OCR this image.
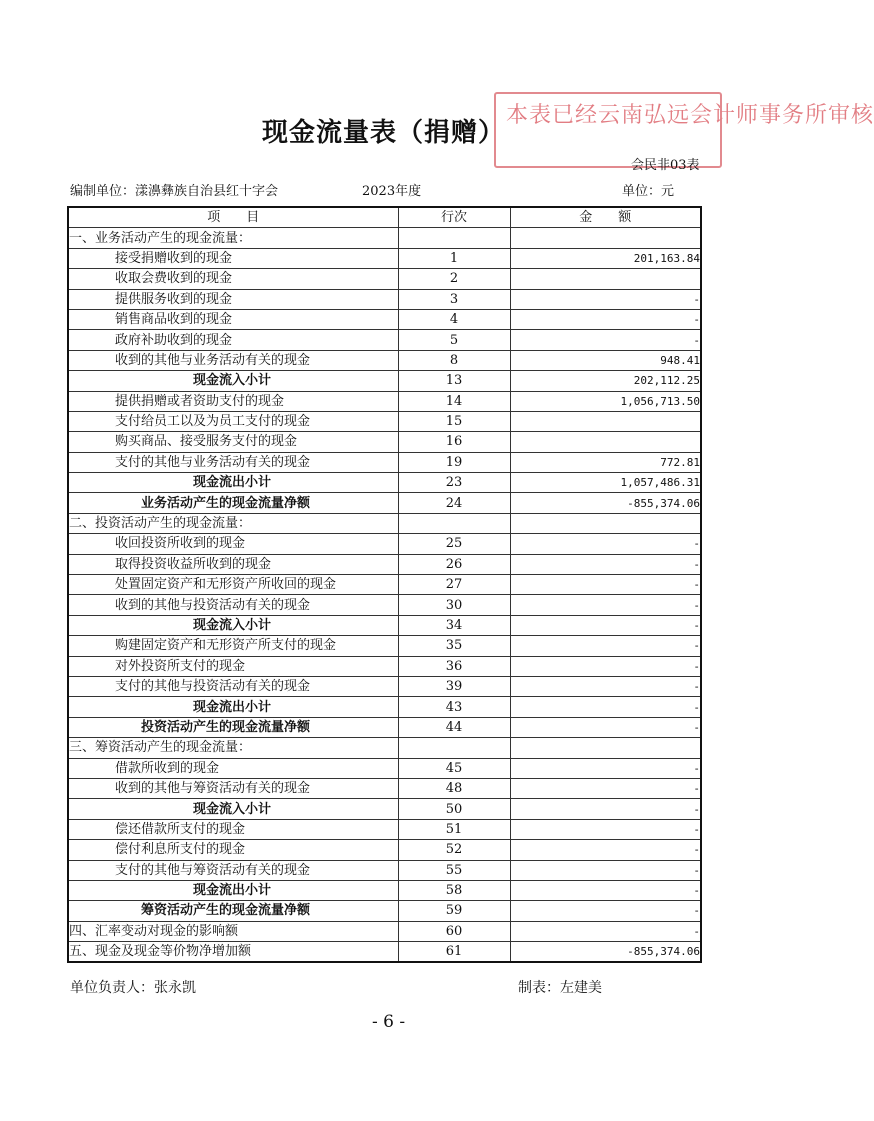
现金流量表（捐赠）
本表已经云南弘远会计师事务所审核
会民非03表
编制单位：漾濞彝族自治县红十字会	2023年度	单位：元
项　　目	行次	金　　额
一、业务活动产生的现金流量：		
接受捐赠收到的现金	1	201,163.84
收取会费收到的现金	2	
提供服务收到的现金	3	-
销售商品收到的现金	4	-
政府补助收到的现金	5	-
收到的其他与业务活动有关的现金	8	948.41
现金流入小计	13	202,112.25
提供捐赠或者资助支付的现金	14	1,056,713.50
支付给员工以及为员工支付的现金	15	
购买商品、接受服务支付的现金	16	
支付的其他与业务活动有关的现金	19	772.81
现金流出小计	23	1,057,486.31
业务活动产生的现金流量净额	24	-855,374.06
二、投资活动产生的现金流量：		
收回投资所收到的现金	25	-
取得投资收益所收到的现金	26	-
处置固定资产和无形资产所收回的现金	27	-
收到的其他与投资活动有关的现金	30	-
现金流入小计	34	-
购建固定资产和无形资产所支付的现金	35	-
对外投资所支付的现金	36	-
支付的其他与投资活动有关的现金	39	-
现金流出小计	43	-
投资活动产生的现金流量净额	44	-
三、筹资活动产生的现金流量：		
借款所收到的现金	45	-
收到的其他与筹资活动有关的现金	48	-
现金流入小计	50	-
偿还借款所支付的现金	51	-
偿付利息所支付的现金	52	-
支付的其他与筹资活动有关的现金	55	-
现金流出小计	58	-
筹资活动产生的现金流量净额	59	-
四、汇率变动对现金的影响额	60	-
五、现金及现金等价物净增加额	61	-855,374.06
单位负责人：张永凯	制表：左建美
- 6 -
